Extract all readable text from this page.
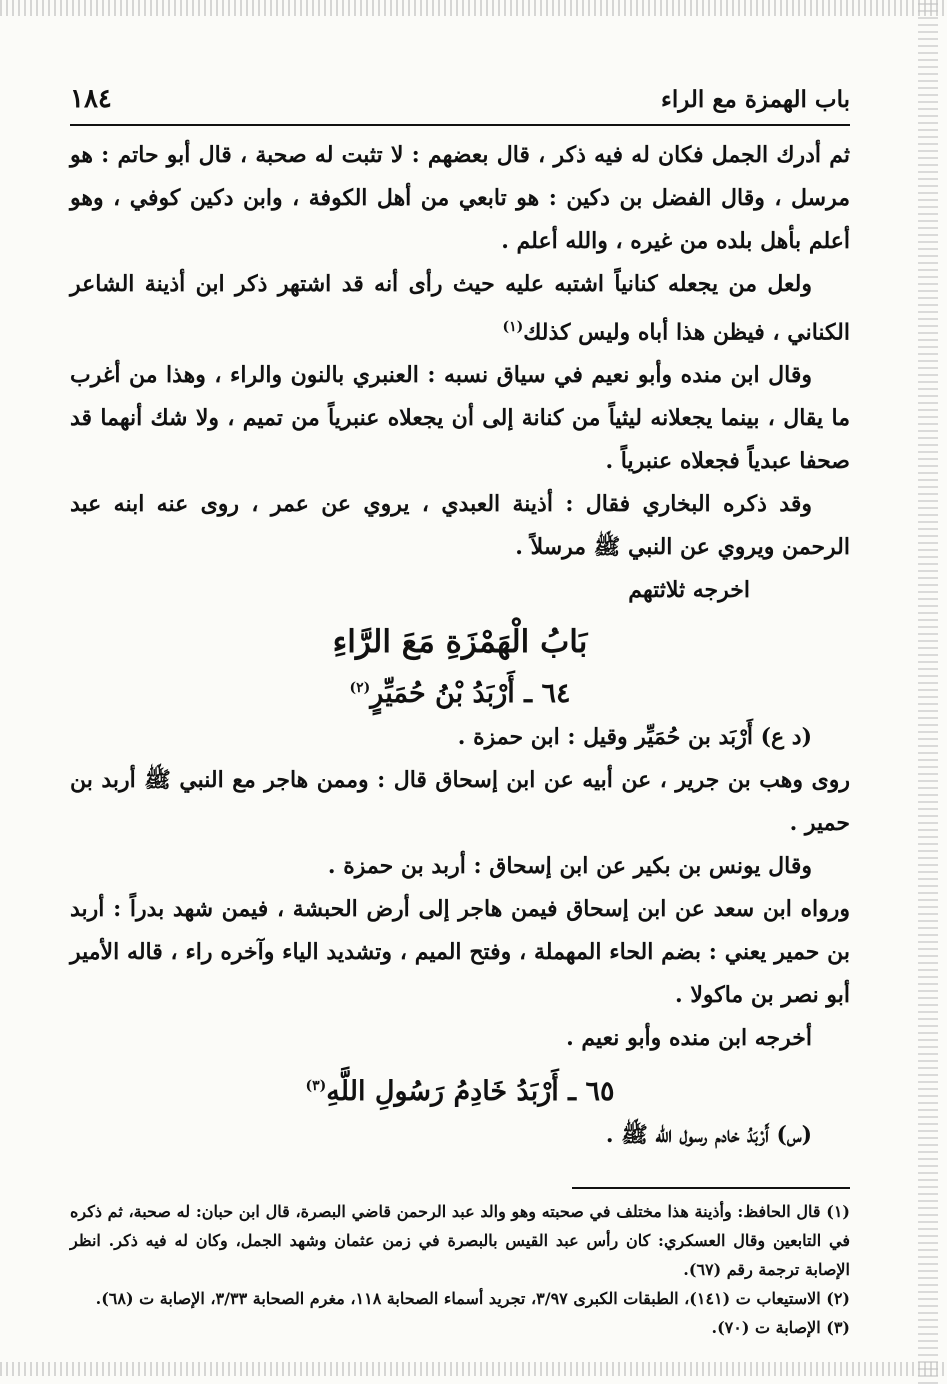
باب الهمزة مع الراء
١٨٤

ثم أدرك الجمل فكان له فيه ذكر ، قال بعضهم : لا تثبت له صحبة ، قال أبو حاتم : هو مرسل ، وقال الفضل بن دكين : هو تابعي من أهل الكوفة ، وابن دكين كوفي ، وهو أعلم بأهل بلده من غيره ، والله أعلم .

ولعل من يجعله كنانياً اشتبه عليه حيث رأى أنه قد اشتهر ذكر ابن أذينة الشاعر الكناني ، فيظن هذا أباه وليس كذلك$^{(١)}$

وقال ابن منده وأبو نعيم في سياق نسبه : العنبري بالنون والراء ، وهذا من أغرب ما يقال ، بينما يجعلانه ليثياً من كنانة إلى أن يجعلاه عنبرياً من تميم ، ولا شك أنهما قد صحفا عبدياً فجعلاه عنبرياً .

وقد ذكره البخاري فقال : أذينة العبدي ، يروي عن عمر ، روى عنه ابنه عبد الرحمن ويروي عن النبي ﷺ مرسلاً .

اخرجه ثلاثتهم

بَابُ الْهَمْزَةِ مَعَ الرَّاءِ
٦٤ ـ أَرْبَدُ بْنُ حُمَيِّرٍ$^{(٢)}$

(د ع) أَرْبَد بن حُمَيِّر وقيل : ابن حمزة .

روى وهب بن جرير ، عن أبيه عن ابن إسحاق قال : وممن هاجر مع النبي ﷺ أربد بن حمير .

وقال يونس بن بكير عن ابن إسحاق : أربد بن حمزة .

ورواه ابن سعد عن ابن إسحاق فيمن هاجر إلى أرض الحبشة ، فيمن شهد بدراً : أربد بن حمير يعني : بضم الحاء المهملة ، وفتح الميم ، وتشديد الياء وآخره راء ، قاله الأمير أبو نصر بن ماكولا .

أخرجه ابن منده وأبو نعيم .

٦٥ ـ أَرْبَدُ خَادِمُ رَسُولِ اللَّهِ$^{(٣)}$

(س) أَرْبَدُ خادم رسول الله ﷺ .

(١) قال الحافظ: وأذينة هذا مختلف في صحبته وهو والد عبد الرحمن قاضي البصرة، قال ابن حبان: له صحبة، ثم ذكره في التابعين وقال العسكري: كان رأس عبد القيس بالبصرة في زمن عثمان وشهد الجمل، وكان له فيه ذكر. انظر الإصابة ترجمة رقم (٦٧).

(٢) الاستيعاب ت (١٤١)، الطبقات الكبرى ٣/٩٧، تجريد أسماء الصحابة ١١٨، مغرم الصحابة ٣/٣٣، الإصابة ت (٦٨).

(٣) الإصابة ت (٧٠).
